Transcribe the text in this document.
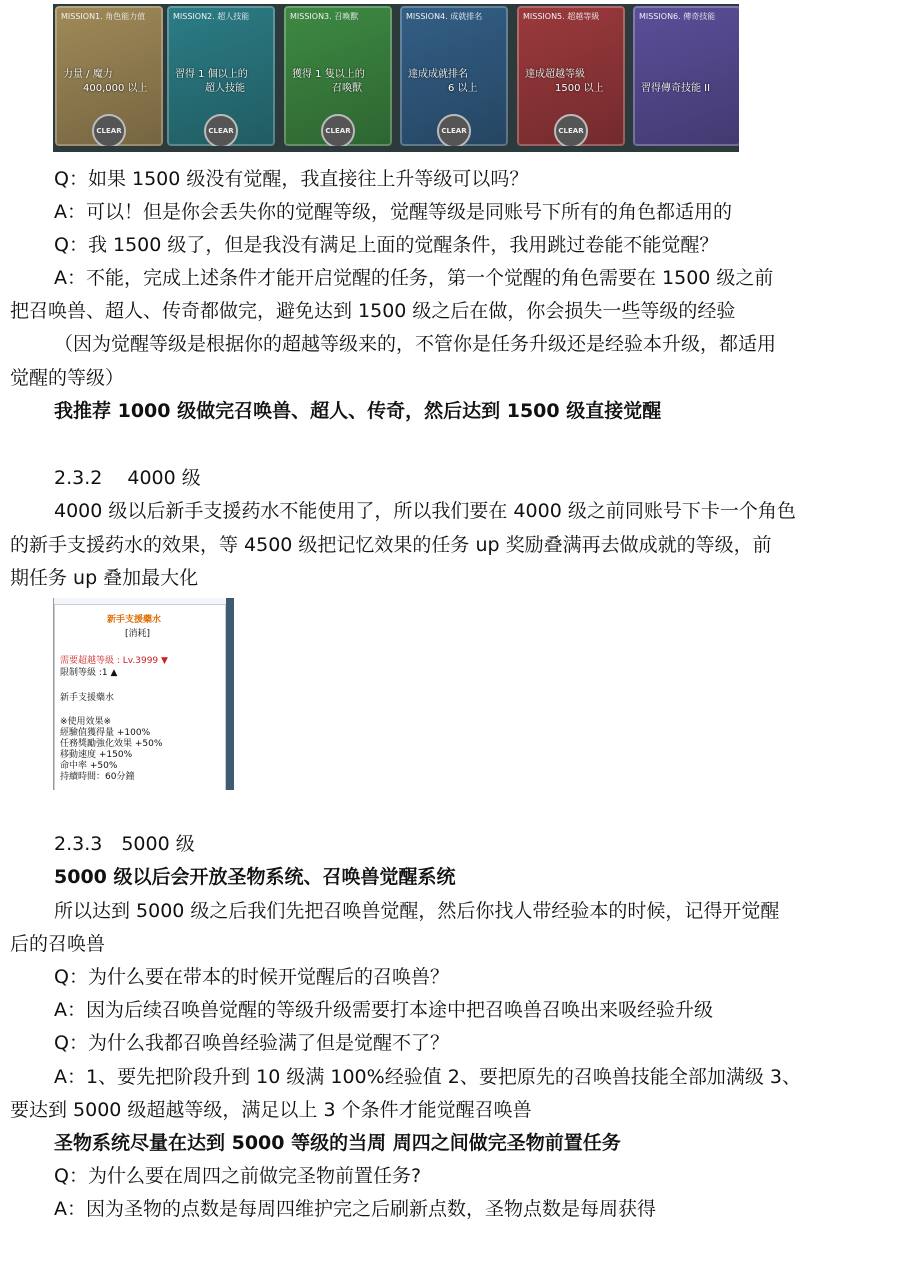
MISSION1. 角色能力值
力量 / 魔力
　　400,000 以上
CLEAR
MISSION2. 超人技能
習得 1 個以上的
　　　超人技能
CLEAR
MISSION3. 召喚獸
獲得 1 隻以上的
　　　　召喚獸
CLEAR
MISSION4. 成就排名
達成成就排名
　　　　6 以上
CLEAR
MISSION5. 超越等級
達成超越等級
　　　1500 以上
CLEAR
MISSION6. 傳奇技能

習得傳奇技能 II
Q：如果 1500 级没有觉醒，我直接往上升等级可以吗？
A：可以！但是你会丢失你的觉醒等级，觉醒等级是同账号下所有的角色都适用的
Q：我 1500 级了，但是我没有满足上面的觉醒条件，我用跳过卷能不能觉醒？
A：不能，完成上述条件才能开启觉醒的任务，第一个觉醒的角色需要在 1500 级之前
把召唤兽、超人、传奇都做完，避免达到 1500 级之后在做，你会损失一些等级的经验
（因为觉醒等级是根据你的超越等级来的，不管你是任务升级还是经验本升级，都适用
觉醒的等级）
我推荐 1000 级做完召唤兽、超人、传奇，然后达到 1500 级直接觉醒
2.3.2　 4000 级
4000 级以后新手支援药水不能使用了，所以我们要在 4000 级之前同账号下卡一个角色
的新手支援药水的效果，等 4500 级把记忆效果的任务 up 奖励叠满再去做成就的等级，前
期任务 up 叠加最大化
新手支援藥水
[消耗]
需要超越等級 : Lv.3999 ▼
限制等級 :1 ▲
新手支援藥水
※使用效果※
經驗值獲得量 +100%
任務獎勵強化效果 +50%
移動速度 +150%
命中率 +50%
持續時間：60分鐘
2.3.3　5000 级
5000 级以后会开放圣物系统、召唤兽觉醒系统
所以达到 5000 级之后我们先把召唤兽觉醒，然后你找人带经验本的时候，记得开觉醒
后的召唤兽
Q：为什么要在带本的时候开觉醒后的召唤兽？
A：因为后续召唤兽觉醒的等级升级需要打本途中把召唤兽召唤出来吸经验升级
Q：为什么我都召唤兽经验满了但是觉醒不了？
A：1、要先把阶段升到 10 级满 100%经验值 2、要把原先的召唤兽技能全部加满级 3、
要达到 5000 级超越等级，满足以上 3 个条件才能觉醒召唤兽
圣物系统尽量在达到 5000 等级的当周 周四之间做完圣物前置任务
Q：为什么要在周四之前做完圣物前置任务?
A：因为圣物的点数是每周四维护完之后刷新点数，圣物点数是每周获得
